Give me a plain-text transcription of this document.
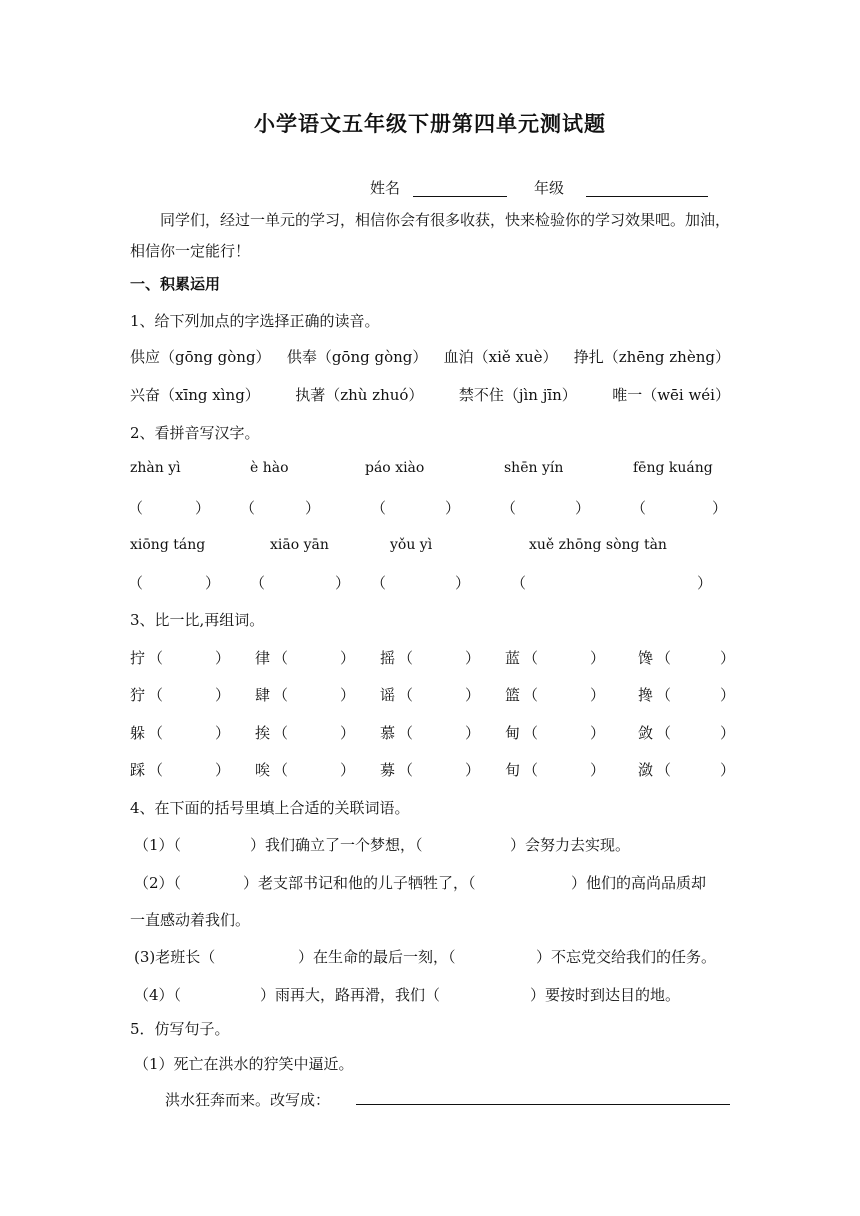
小学语文五年级下册第四单元测试题
姓名	年级
同学们，经过一单元的学习，相信你会有很多收获，快来检验你的学习效果吧。加油，相信你一定能行！
一、积累运用
1、给下列加点的字选择正确的读音。
供应（gōng gòng） 供奉（gōng gòng） 血泊（xiě xuè） 挣扎（zhēng zhèng）
兴奋（xīng xìng） 执著（zhù zhuó） 禁不住（jìn jīn） 唯一（wēi wéi）
2、看拼音写汉字。
zhàn yì	è hào	páo xiào	shēn yín	fēng kuáng
（	） （	）	（	）	（	）	（	）
xiōng táng	xiāo yān	yǒu yì	xuě zhōng sòng tàn
（	） （	） （	）	（	）
3、比一比,再组词。
拧 （	） 律 （	） 摇 （	） 蓝 （	） 馋 （	）
狞 （	） 肆 （	） 谣 （	） 篮 （	） 搀 （	）
躲 （	） 挨 （	） 慕 （	） 甸 （	） 敛 （	）
踩 （	） 唉 （	） 募 （	） 旬 （	） 潋 （	）
4、在下面的括号里填上合适的关联词语。
（1）（	）我们确立了一个梦想，（	）会努力去实现。
（2）（	）老支部书记和他的儿子牺牲了，（	）他们的高尚品质却
一直感动着我们。
(3)老班长（	）在生命的最后一刻，（	）不忘党交给我们的任务。
（4）（	）雨再大，路再滑，我们（	）要按时到达目的地。
5．仿写句子。
（1）死亡在洪水的狞笑中逼近。
洪水狂奔而来。改写成：
